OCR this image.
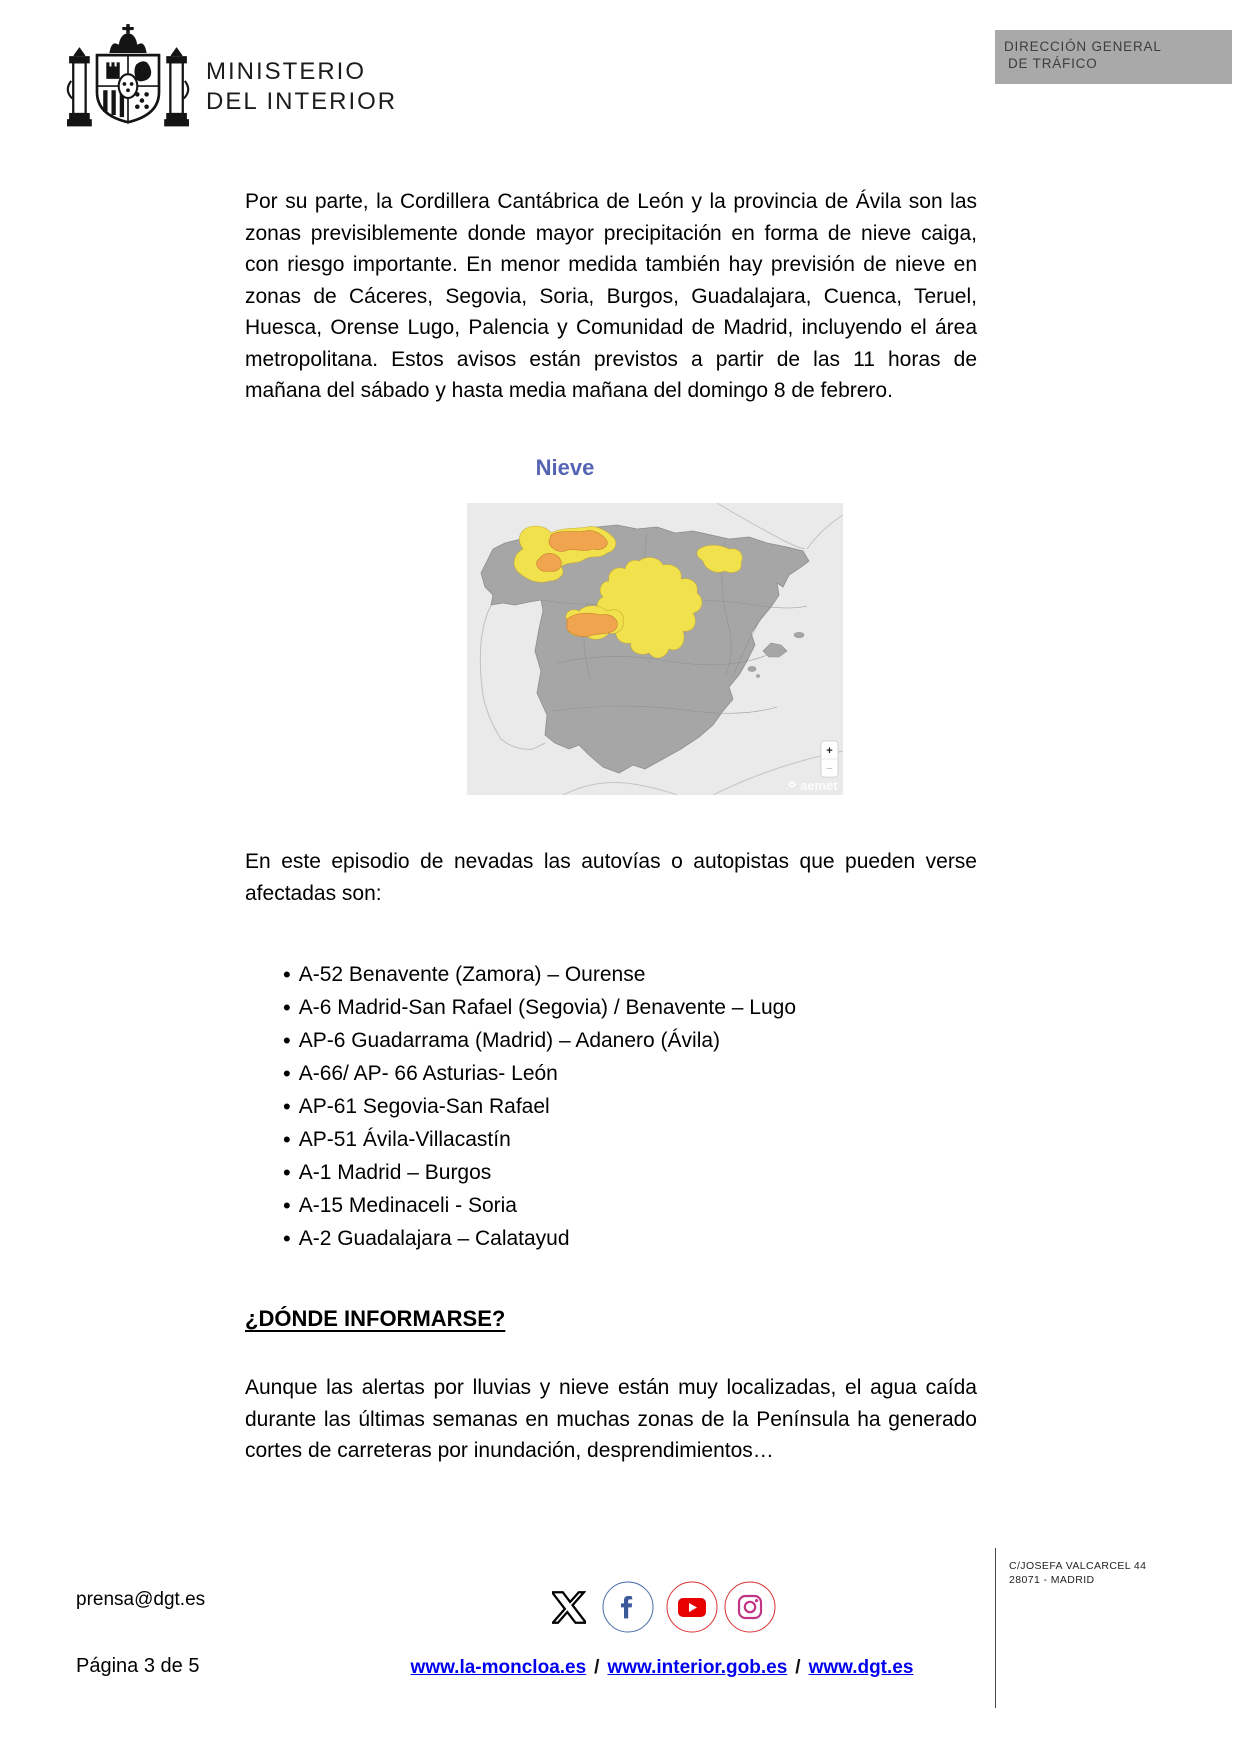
MINISTERIO
DEL INTERIOR
DIRECCIÓN GENERAL
DE TRÁFICO
Por su parte, la Cordillera Cantábrica de León y la provincia de Ávila son las zonas previsiblemente donde mayor precipitación en forma de nieve caiga, con riesgo importante. En menor medida también hay previsión de nieve en zonas de Cáceres, Segovia, Soria, Burgos, Guadalajara, Cuenca, Teruel, Huesca, Orense Lugo, Palencia y Comunidad de Madrid, incluyendo el área metropolitana. Estos avisos están previstos a partir de las 11 horas de mañana del sábado y hasta media mañana del domingo 8 de febrero.
Nieve
+
−
aemet
En este episodio de nevadas las autovías o autopistas que pueden verse afectadas son:
• A-52 Benavente (Zamora) – Ourense
• A-6 Madrid-San Rafael (Segovia) / Benavente – Lugo
• AP-6 Guadarrama (Madrid) – Adanero (Ávila)
• A-66/ AP- 66 Asturias- León
• AP-61 Segovia-San Rafael
• AP-51 Ávila-Villacastín
• A-1 Madrid – Burgos
• A-15 Medinaceli - Soria
• A-2 Guadalajara – Calatayud
¿DÓNDE INFORMARSE?
Aunque las alertas por lluvias y nieve están muy localizadas, el agua caída durante las últimas semanas en muchas zonas de la Península ha generado cortes de carreteras por inundación, desprendimientos…
prensa@dgt.es
Página 3 de 5
C/JOSEFA VALCARCEL 44
28071 - MADRID
www.la-moncloa.es / www.interior.gob.es / www.dgt.es
